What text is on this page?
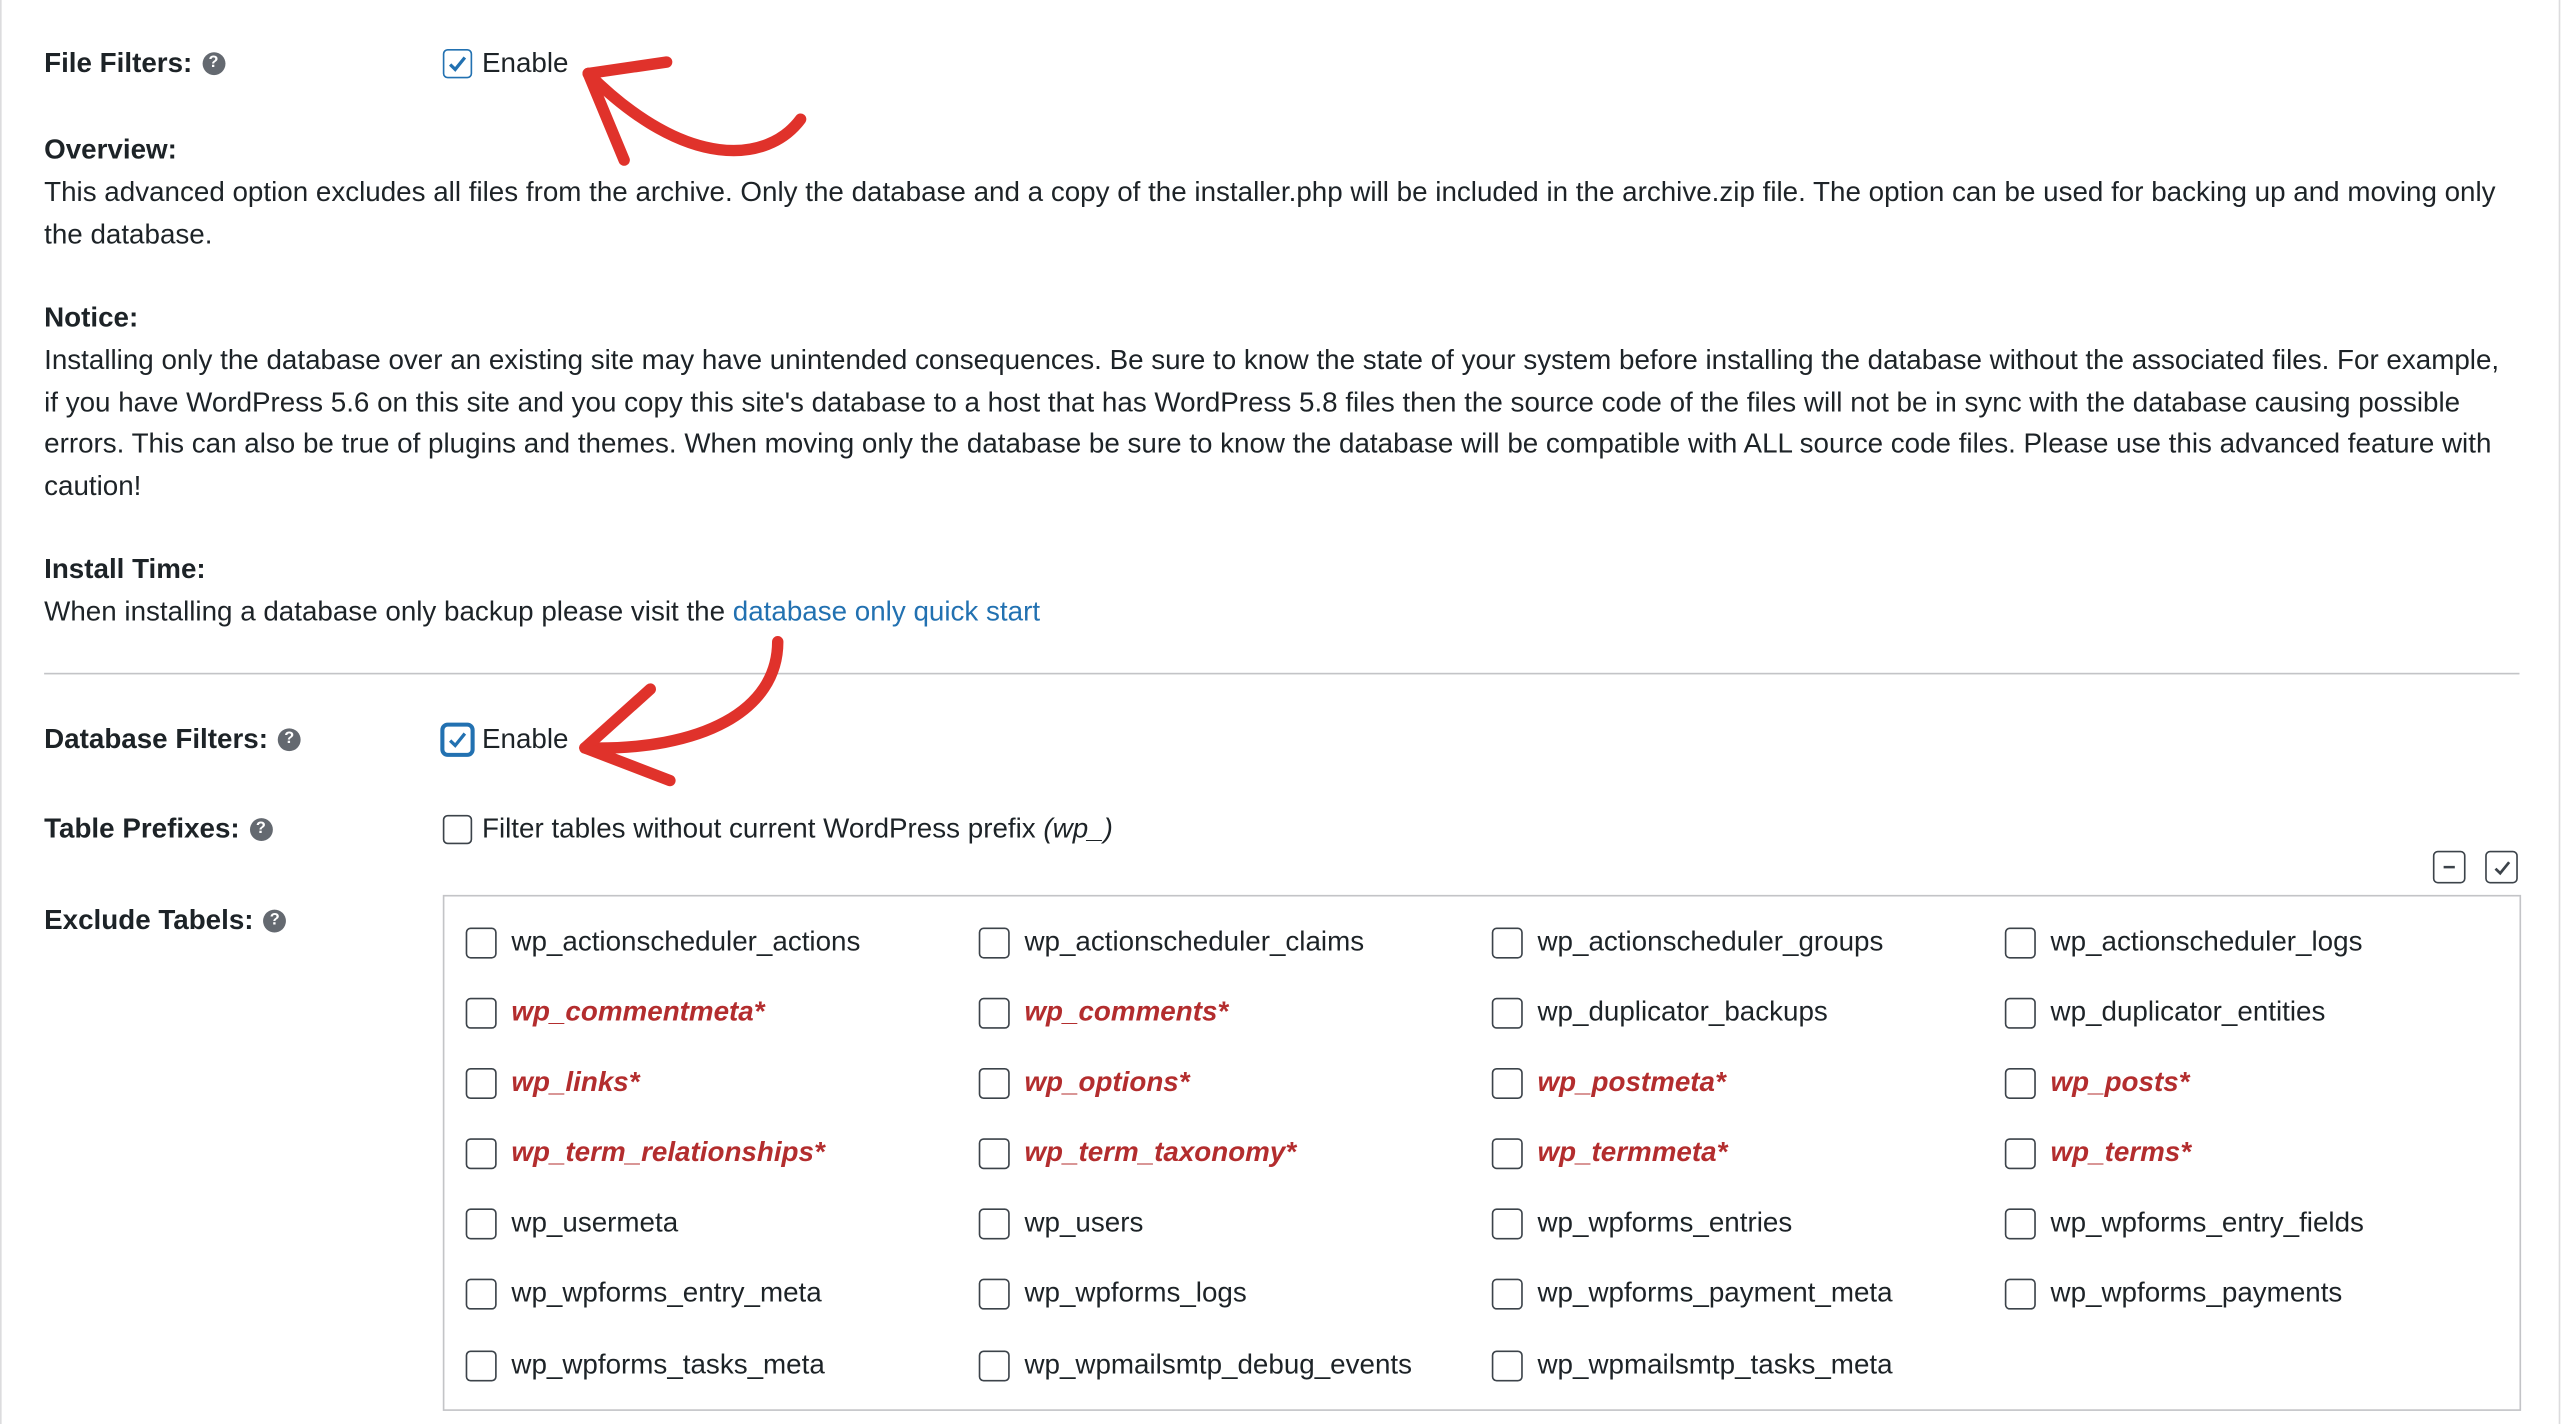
File Filters:	?	Enable
Overview:
This advanced option excludes all files from the archive. Only the database and a copy of the installer.php will be included in the archive.zip file. The option can be used for backing up and moving only the database.
Notice:
Installing only the database over an existing site may have unintended consequences. Be sure to know the state of your system before installing the database without the associated files. For example, if you have WordPress 5.6 on this site and you copy this site's database to a host that has WordPress 5.8 files then the source code of the files will not be in sync with the database causing possible errors. This can also be true of plugins and themes. When moving only the database be sure to know the database will be compatible with ALL source code files. Please use this advanced feature with caution!
Install Time:
When installing a database only backup please visit the database only quick start
Database Filters:	?	Enable
Table Prefixes:	?	Filter tables without current WordPress prefix (wp_)
Exclude Tabels:	?
wp_actionscheduler_actions	wp_actionscheduler_claims	wp_actionscheduler_groups	wp_actionscheduler_logs
wp_commentmeta*	wp_comments*	wp_duplicator_backups	wp_duplicator_entities
wp_links*	wp_options*	wp_postmeta*	wp_posts*
wp_term_relationships*	wp_term_taxonomy*	wp_termmeta*	wp_terms*
wp_usermeta	wp_users	wp_wpforms_entries	wp_wpforms_entry_fields
wp_wpforms_entry_meta	wp_wpforms_logs	wp_wpforms_payment_meta	wp_wpforms_payments
wp_wpforms_tasks_meta	wp_wpmailsmtp_debug_events	wp_wpmailsmtp_tasks_meta
